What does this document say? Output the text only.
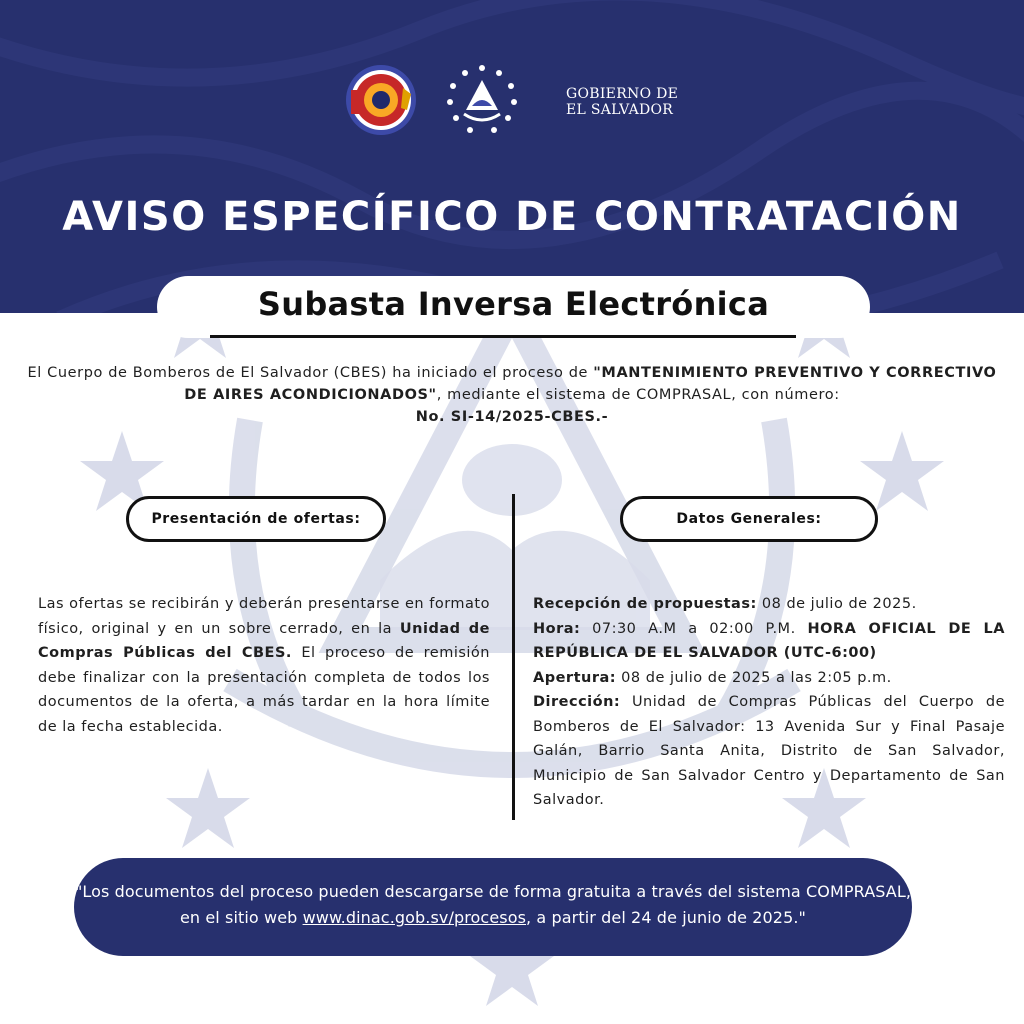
GOBIERNO DE
EL SALVADOR
AVISO ESPECÍFICO DE CONTRATACIÓN
Subasta Inversa Electrónica
El Cuerpo de Bomberos de El Salvador (CBES) ha iniciado el proceso de "MANTENIMIENTO PREVENTIVO Y CORRECTIVO DE AIRES ACONDICIONADOS", mediante el sistema de COMPRASAL, con número:
No. SI-14/2025-CBES.-
Presentación de ofertas:	Datos Generales:
Las ofertas se recibirán y deberán presentarse en formato físico, original y en un sobre cerrado, en la Unidad de Compras Públicas del CBES. El proceso de remisión debe finalizar con la presentación completa de todos los documentos de la oferta, a más tardar en la hora límite de la fecha establecida.

Recepción de propuestas: 08 de julio de 2025.

Hora: 07:30 A.M a 02:00 P.M. HORA OFICIAL DE LA REPÚBLICA DE EL SALVADOR (UTC-6:00)

Apertura: 08 de julio de 2025 a las 2:05 p.m.

Dirección: Unidad de Compras Públicas del Cuerpo de Bomberos de El Salvador: 13 Avenida Sur y Final Pasaje Galán, Barrio Santa Anita, Distrito de San Salvador, Municipio de San Salvador Centro y Departamento de San Salvador.

"Los documentos del proceso pueden descargarse de forma gratuita a través del sistema COMPRASAL, en el sitio web www.dinac.gob.sv/procesos, a partir del 24 de junio de 2025."
